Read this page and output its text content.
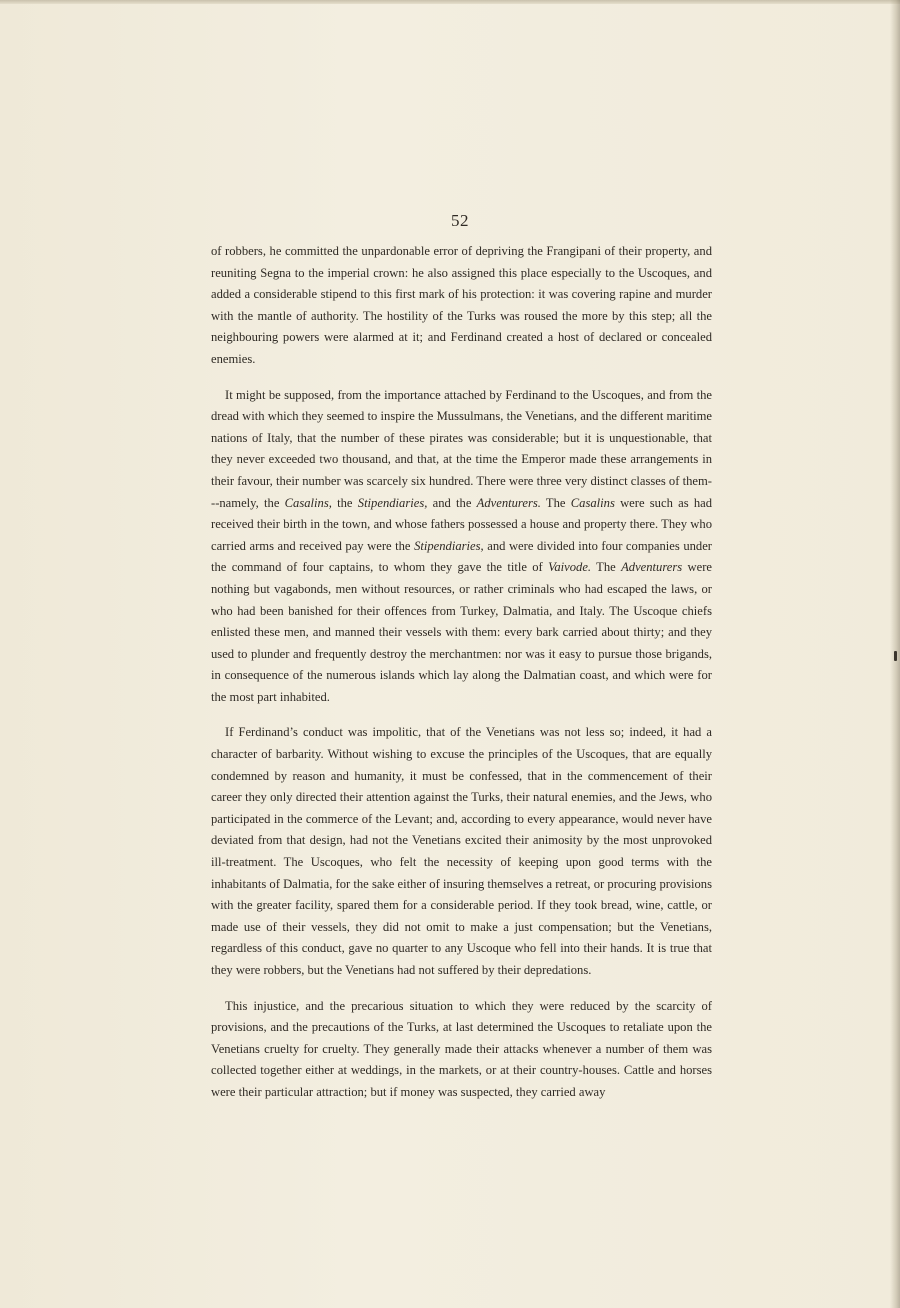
52

of robbers, he committed the unpardonable error of depriving the Frangipani of their property, and reuniting Segna to the imperial crown: he also assigned this place especially to the Uscoques, and added a considerable stipend to this first mark of his protection: it was covering rapine and murder with the mantle of authority. The hostility of the Turks was roused the more by this step; all the neighbouring powers were alarmed at it; and Ferdinand created a host of declared or concealed enemies.

It might be supposed, from the importance attached by Ferdinand to the Uscoques, and from the dread with which they seemed to inspire the Mussulmans, the Venetians, and the different maritime nations of Italy, that the number of these pirates was considerable; but it is unquestionable, that they never exceeded two thousand, and that, at the time the Emperor made these arrangements in their favour, their number was scarcely six hundred. There were three very distinct classes of them---namely, the Casalins, the Stipendiaries, and the Adventurers. The Casalins were such as had received their birth in the town, and whose fathers possessed a house and property there. They who carried arms and received pay were the Stipendiaries, and were divided into four companies under the command of four captains, to whom they gave the title of Vaivode. The Adventurers were nothing but vagabonds, men without resources, or rather criminals who had escaped the laws, or who had been banished for their offences from Turkey, Dalmatia, and Italy. The Uscoque chiefs enlisted these men, and manned their vessels with them: every bark carried about thirty; and they used to plunder and frequently destroy the merchantmen: nor was it easy to pursue those brigands, in consequence of the numerous islands which lay along the Dalmatian coast, and which were for the most part inhabited.

If Ferdinand’s conduct was impolitic, that of the Venetians was not less so; indeed, it had a character of barbarity. Without wishing to excuse the principles of the Uscoques, that are equally condemned by reason and humanity, it must be confessed, that in the commencement of their career they only directed their attention against the Turks, their natural enemies, and the Jews, who participated in the commerce of the Levant; and, according to every appearance, would never have deviated from that design, had not the Venetians excited their animosity by the most unprovoked ill-treatment. The Uscoques, who felt the necessity of keeping upon good terms with the inhabitants of Dalmatia, for the sake either of insuring themselves a retreat, or procuring provisions with the greater facility, spared them for a considerable period. If they took bread, wine, cattle, or made use of their vessels, they did not omit to make a just compensation; but the Venetians, regardless of this conduct, gave no quarter to any Uscoque who fell into their hands. It is true that they were robbers, but the Venetians had not suffered by their depredations.

This injustice, and the precarious situation to which they were reduced by the scarcity of provisions, and the precautions of the Turks, at last determined the Uscoques to retaliate upon the Venetians cruelty for cruelty. They generally made their attacks whenever a number of them was collected together either at weddings, in the markets, or at their country-houses. Cattle and horses were their particular attraction; but if money was suspected, they carried away
